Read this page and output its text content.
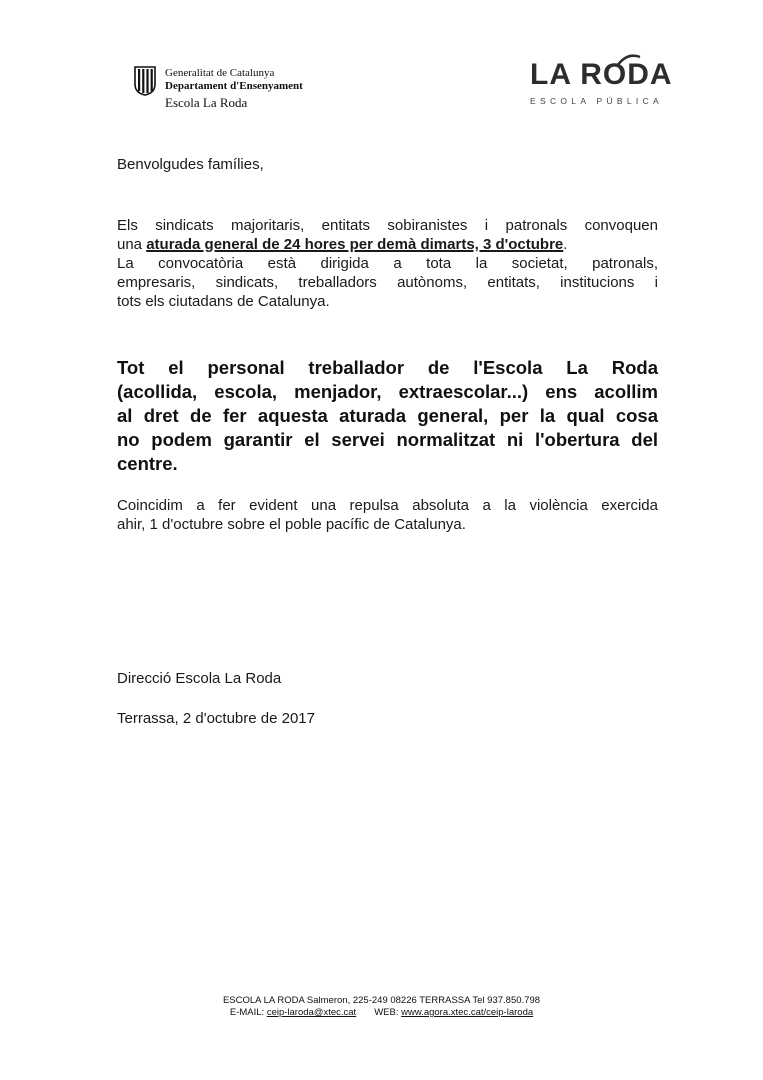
Generalitat de Catalunya
Departament d'Ensenyament
Escola La Roda
LA RODA
ESCOLA PÚBLICA
Benvolgudes famílies,
Els sindicats majoritaris, entitats sobiranistes i patronals convoquen
una aturada general de 24 hores per demà dimarts, 3 d'octubre.
La convocatòria està dirigida a tota la societat, patronals,
empresaris, sindicats, treballadors autònoms, entitats, institucions i
tots els ciutadans de Catalunya.
Tot el personal treballador de l'Escola La Roda
(acollida, escola, menjador, extraescolar...) ens acollim
al dret de fer aquesta aturada general, per la qual cosa
no podem garantir el servei normalitzat ni l'obertura del
centre.
Coincidim a fer evident una repulsa absoluta a la violència exercida
ahir, 1 d'octubre sobre el poble pacífic de Catalunya.
Direcció Escola La Roda
Terrassa, 2 d'octubre de 2017
ESCOLA LA RODA Salmeron, 225-249 08226 TERRASSA Tel 937.850.798
E-MAIL: ceip-laroda@xtec.cat WEB: www.agora.xtec.cat/ceip-laroda
